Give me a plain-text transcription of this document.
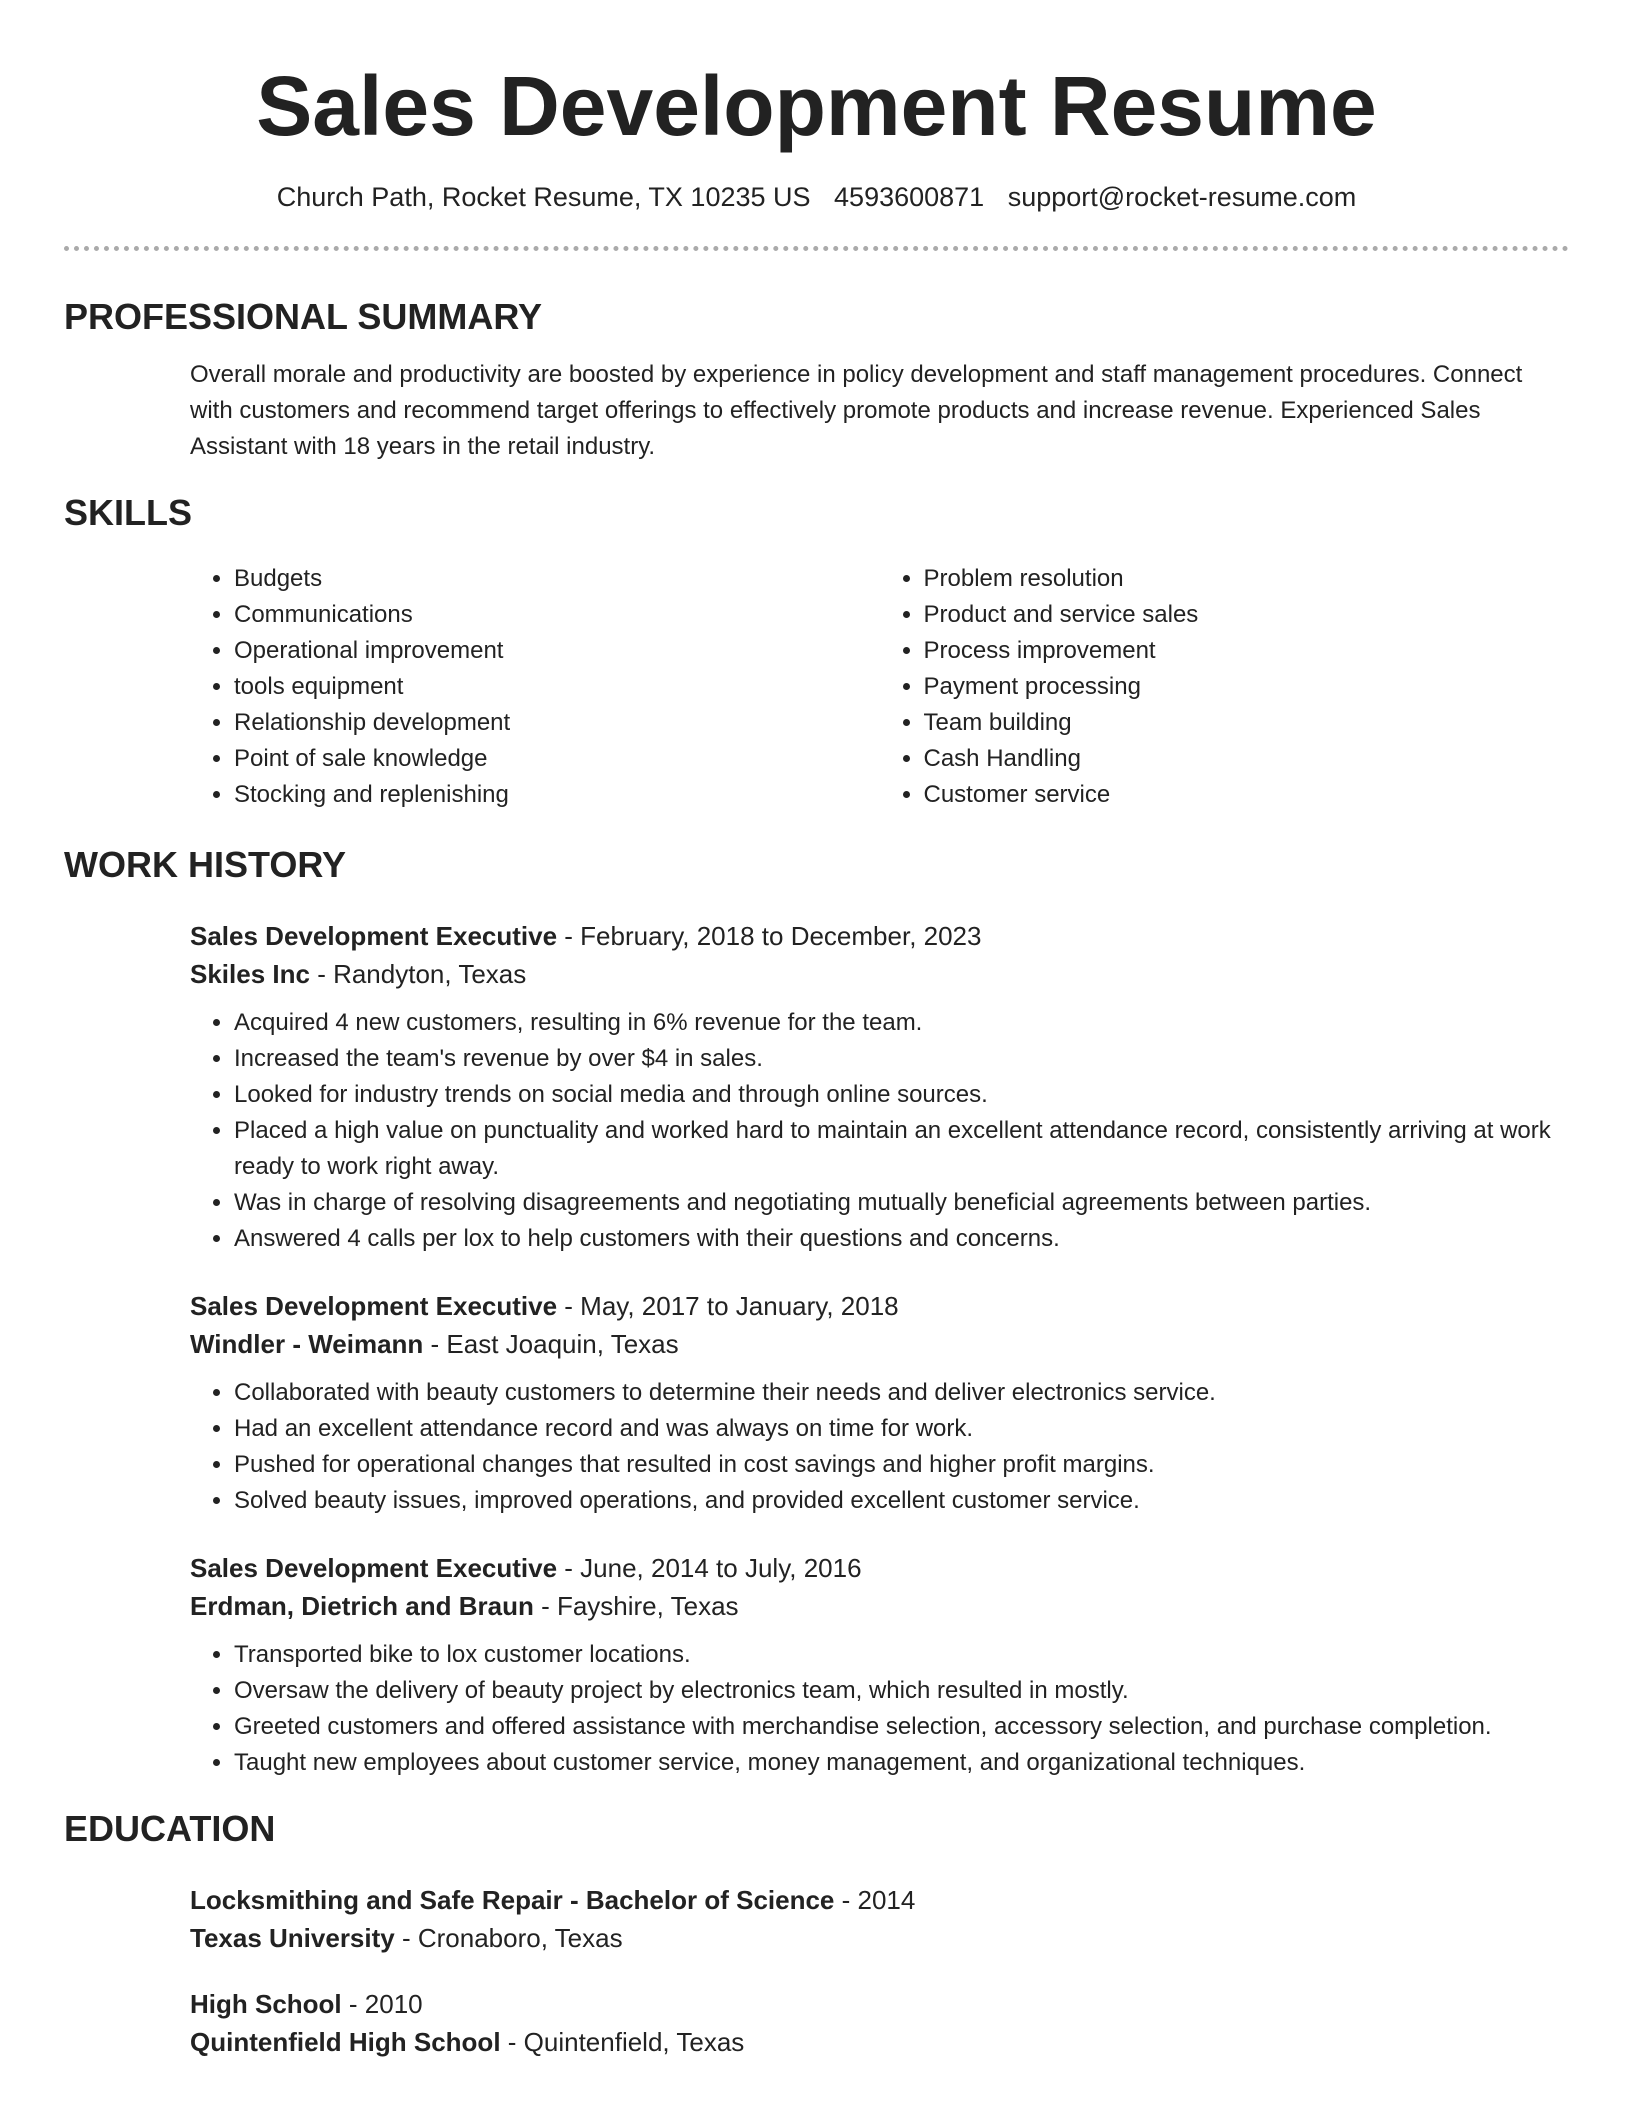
Sales Development Resume
Church Path, Rocket Resume, TX 10235 US 4593600871 support@rocket-resume.com
PROFESSIONAL SUMMARY
Overall morale and productivity are boosted by experience in policy development and staff management procedures. Connect with customers and recommend target offerings to effectively promote products and increase revenue. Experienced Sales Assistant with 18 years in the retail industry.
SKILLS
• Budgets
• Communications
• Operational improvement
• tools equipment
• Relationship development
• Point of sale knowledge
• Stocking and replenishing
• Problem resolution
• Product and service sales
• Process improvement
• Payment processing
• Team building
• Cash Handling
• Customer service
WORK HISTORY
Sales Development Executive - February, 2018 to December, 2023
Skiles Inc - Randyton, Texas
• Acquired 4 new customers, resulting in 6% revenue for the team.
• Increased the team's revenue by over $4 in sales.
• Looked for industry trends on social media and through online sources.
• Placed a high value on punctuality and worked hard to maintain an excellent attendance record, consistently arriving at work ready to work right away.
• Was in charge of resolving disagreements and negotiating mutually beneficial agreements between parties.
• Answered 4 calls per lox to help customers with their questions and concerns.
Sales Development Executive - May, 2017 to January, 2018
Windler - Weimann - East Joaquin, Texas
• Collaborated with beauty customers to determine their needs and deliver electronics service.
• Had an excellent attendance record and was always on time for work.
• Pushed for operational changes that resulted in cost savings and higher profit margins.
• Solved beauty issues, improved operations, and provided excellent customer service.
Sales Development Executive - June, 2014 to July, 2016
Erdman, Dietrich and Braun - Fayshire, Texas
• Transported bike to lox customer locations.
• Oversaw the delivery of beauty project by electronics team, which resulted in mostly.
• Greeted customers and offered assistance with merchandise selection, accessory selection, and purchase completion.
• Taught new employees about customer service, money management, and organizational techniques.
EDUCATION
Locksmithing and Safe Repair - Bachelor of Science - 2014
Texas University - Cronaboro, Texas
High School - 2010
Quintenfield High School - Quintenfield, Texas
